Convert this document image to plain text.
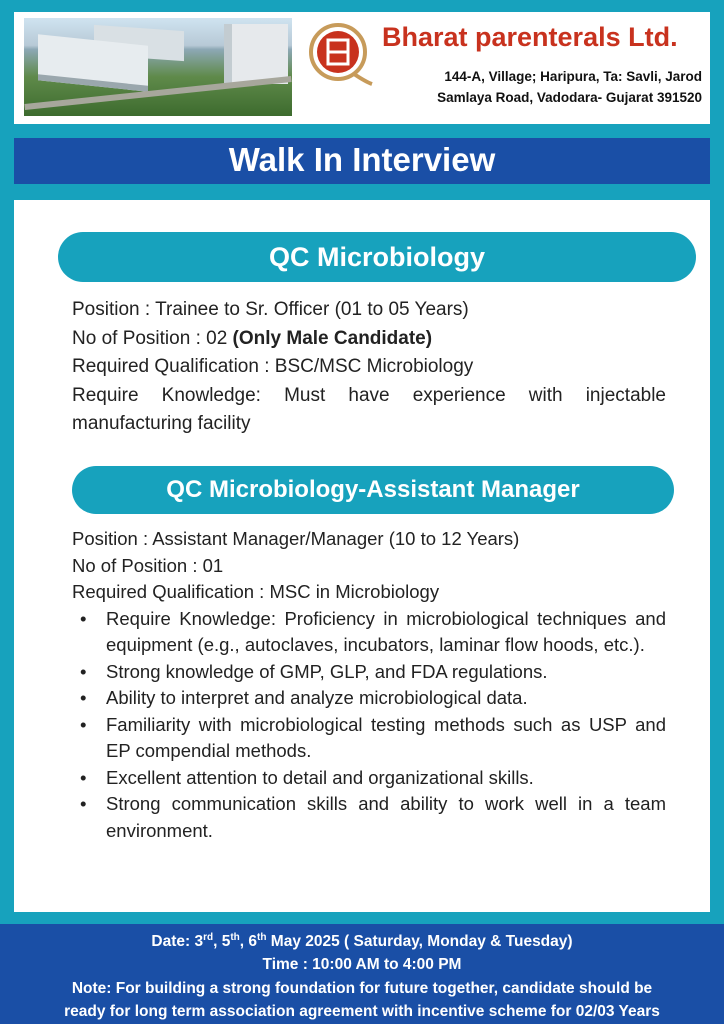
Bharat parenterals Ltd.
144-A, Village; Haripura, Ta: Savli, Jarod
Samlaya Road, Vadodara- Gujarat 391520
Walk In Interview
QC Microbiology

Position : Trainee to Sr. Officer (01 to 05 Years)

No of Position : 02 (Only Male Candidate)

Required Qualification : BSC/MSC Microbiology

Require Knowledge: Must have experience with injectable manufacturing facility

QC Microbiology-Assistant Manager

Position : Assistant Manager/Manager (10 to 12 Years)

No of Position : 01

Required Qualification : MSC in Microbiology

• Require Knowledge: Proficiency in microbiological techniques and equipment (e.g., autoclaves, incubators, laminar flow hoods, etc.).
• Strong knowledge of GMP, GLP, and FDA regulations.
• Ability to interpret and analyze microbiological data.
• Familiarity with microbiological testing methods such as USP and EP compendial methods.
• Excellent attention to detail and organizational skills.
• Strong communication skills and ability to work well in a team environment.
Date: 3rd, 5th, 6th May 2025 ( Saturday, Monday & Tuesday)
Time : 10:00 AM to 4:00 PM
Note: For building a strong foundation for future together, candidate should be
ready for long term association agreement with incentive scheme for 02/03 Years
